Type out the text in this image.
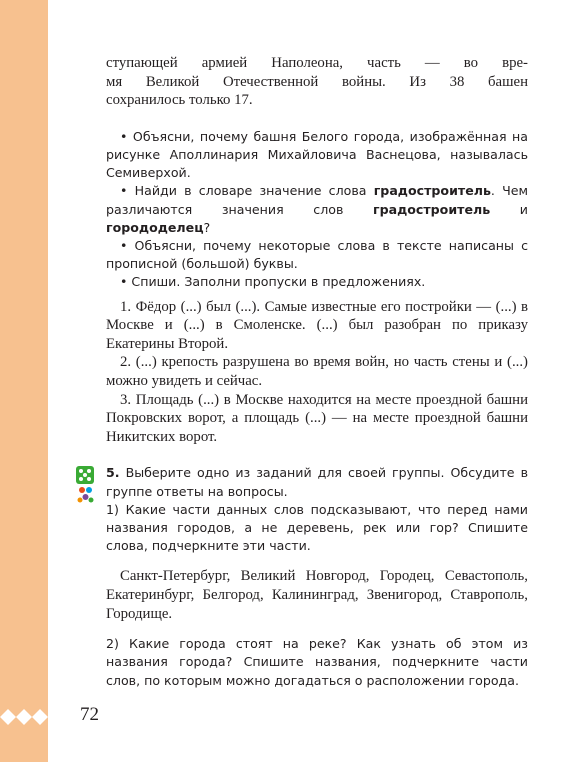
ступающей армией Наполеона, часть — во вре-

мя Великой Отечественной войны. Из 38 башен

сохранилось только 17.

• Объясни, почему башня Белого города, изображённая на рисунке Аполлинария Михайловича Васнецова, называлась Семиверхой.

• Найди в словаре значение слова градостроитель. Чем различаются значения слов градостроитель и горододелец?

• Объясни, почему некоторые слова в тексте написаны с прописной (большой) буквы.

• Спиши. Заполни пропуски в предложениях.

1. Фёдор (...) был (...). Самые известные его постройки — (...) в Москве и (...) в Смоленске. (...) был разобран по приказу Екатерины Второй.

2. (...) крепость разрушена во время войн, но часть стены и (...) можно увидеть и сейчас.

3. Площадь (...) в Москве находится на месте проездной башни Покровских ворот, а площадь (...) — на месте проездной башни Никитских ворот.

5. Выберите одно из заданий для своей группы. Обсудите в группе ответы на вопросы.

1) Какие части данных слов подсказывают, что перед нами названия городов, а не деревень, рек или гор? Спишите слова, подчеркните эти части.

Санкт-Петербург, Великий Новгород, Городец, Севастополь, Екатеринбург, Белгород, Калининград, Звенигород, Ставрополь, Городище.

2) Какие города стоят на реке? Как узнать об этом из названия города? Спишите названия, подчеркните части слов, по которым можно догадаться о расположении города.

72
